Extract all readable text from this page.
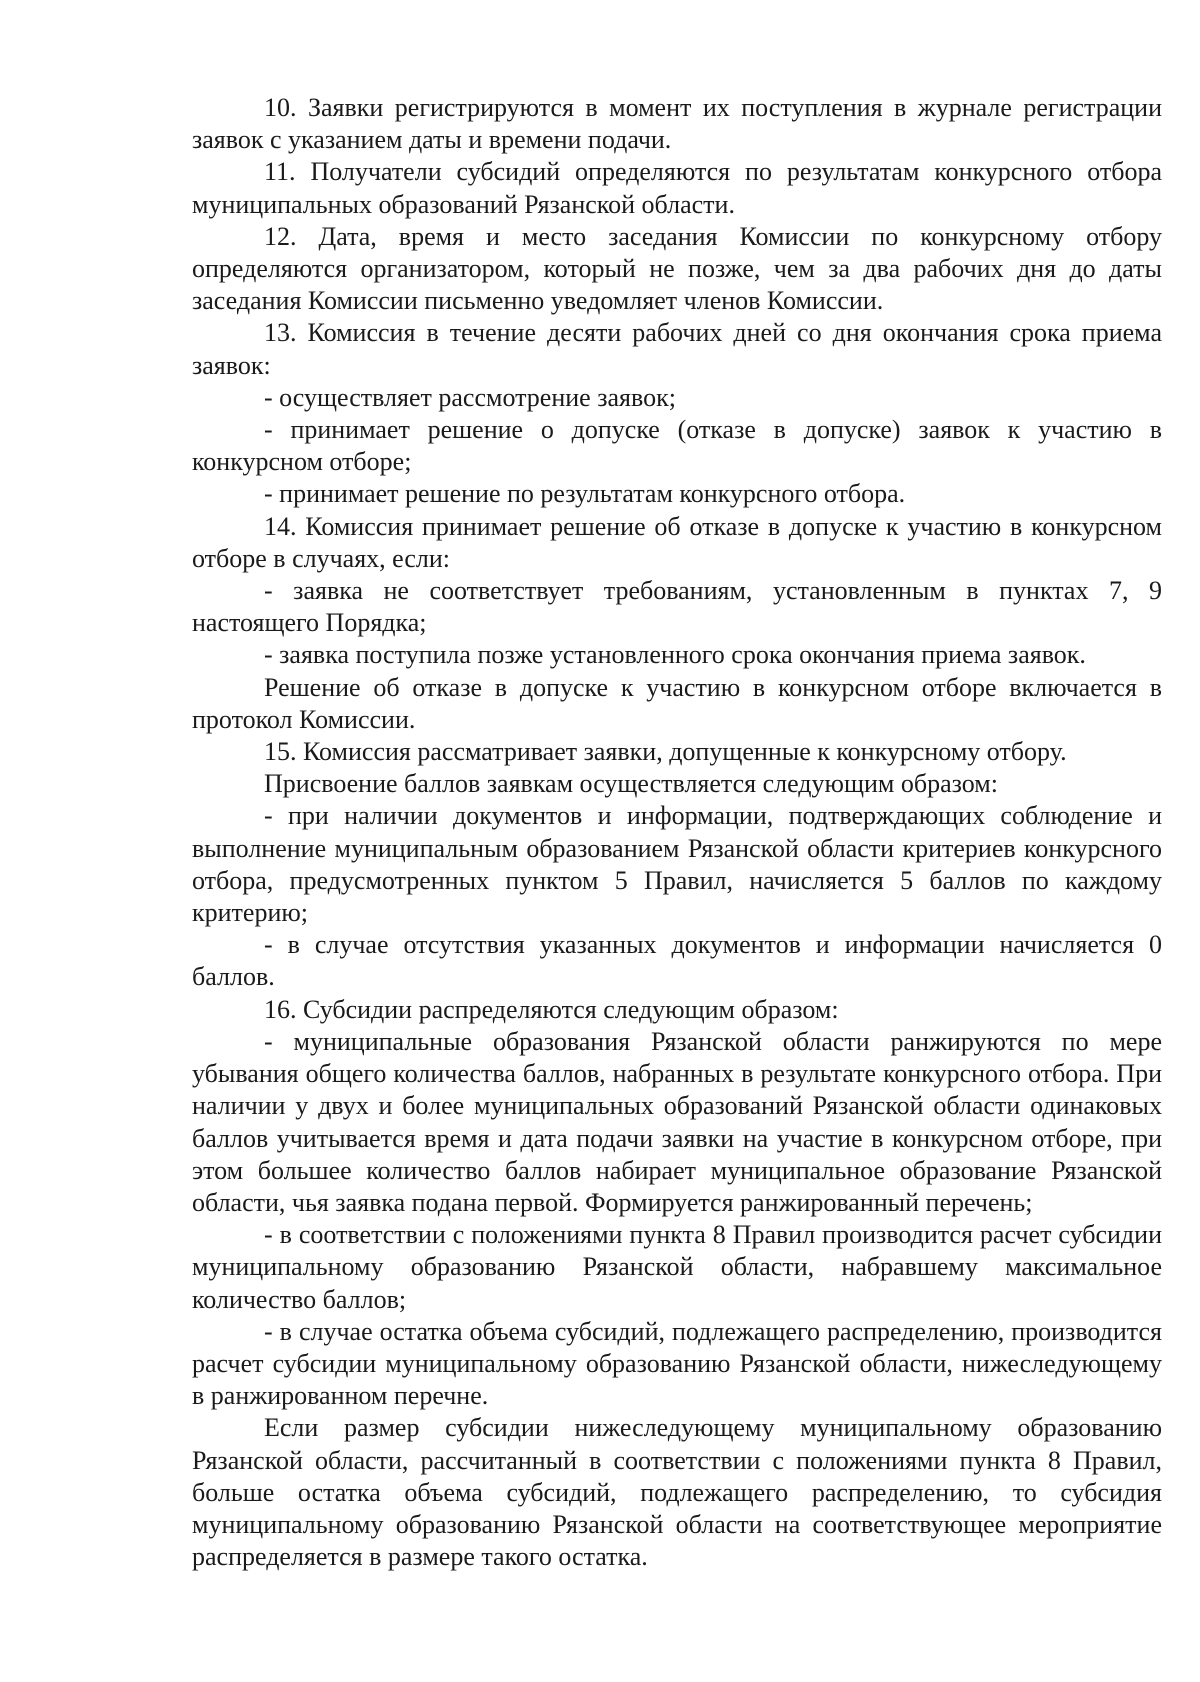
10. Заявки регистрируются в момент их поступления в журнале регистрации заявок с указанием даты и времени подачи.

11. Получатели субсидий определяются по результатам конкурсного отбора муниципальных образований Рязанской области.

12. Дата, время и место заседания Комиссии по конкурсному отбору определяются организатором, который не позже, чем за два рабочих дня до даты заседания Комиссии письменно уведомляет членов Комиссии.

13. Комиссия в течение десяти рабочих дней со дня окончания срока приема заявок:

- осуществляет рассмотрение заявок;

- принимает решение о допуске (отказе в допуске) заявок к участию в конкурсном отборе;

- принимает решение по результатам конкурсного отбора.

14. Комиссия принимает решение об отказе в допуске к участию в конкурсном отборе в случаях, если:

- заявка не соответствует требованиям, установленным в пунктах 7, 9 настоящего Порядка;

- заявка поступила позже установленного срока окончания приема заявок.

Решение об отказе в допуске к участию в конкурсном отборе включается в протокол Комиссии.

15. Комиссия рассматривает заявки, допущенные к конкурсному отбору.

Присвоение баллов заявкам осуществляется следующим образом:

- при наличии документов и информации, подтверждающих соблюдение и выполнение муниципальным образованием Рязанской области критериев конкурсного отбора, предусмотренных пунктом 5 Правил, начисляется 5 баллов по каждому критерию;

- в случае отсутствия указанных документов и информации начисляется 0 баллов.

16. Субсидии распределяются следующим образом:

- муниципальные образования Рязанской области ранжируются по мере убывания общего количества баллов, набранных в результате конкурсного отбора. При наличии у двух и более муниципальных образований Рязанской области одинаковых баллов учитывается время и дата подачи заявки на участие в конкурсном отборе, при этом большее количество баллов набирает муниципальное образование Рязанской области, чья заявка подана первой. Формируется ранжированный перечень;

- в соответствии с положениями пункта 8 Правил производится расчет субсидии муниципальному образованию Рязанской области, набравшему максимальное количество баллов;

- в случае остатка объема субсидий, подлежащего распределению, производится расчет субсидии муниципальному образованию Рязанской области, нижеследующему в ранжированном перечне.

Если размер субсидии нижеследующему муниципальному образованию Рязанской области, рассчитанный в соответствии с положениями пункта 8 Правил, больше остатка объема субсидий, подлежащего распределению, то субсидия муниципальному образованию Рязанской области на соответствующее мероприятие распределяется в размере такого остатка.
